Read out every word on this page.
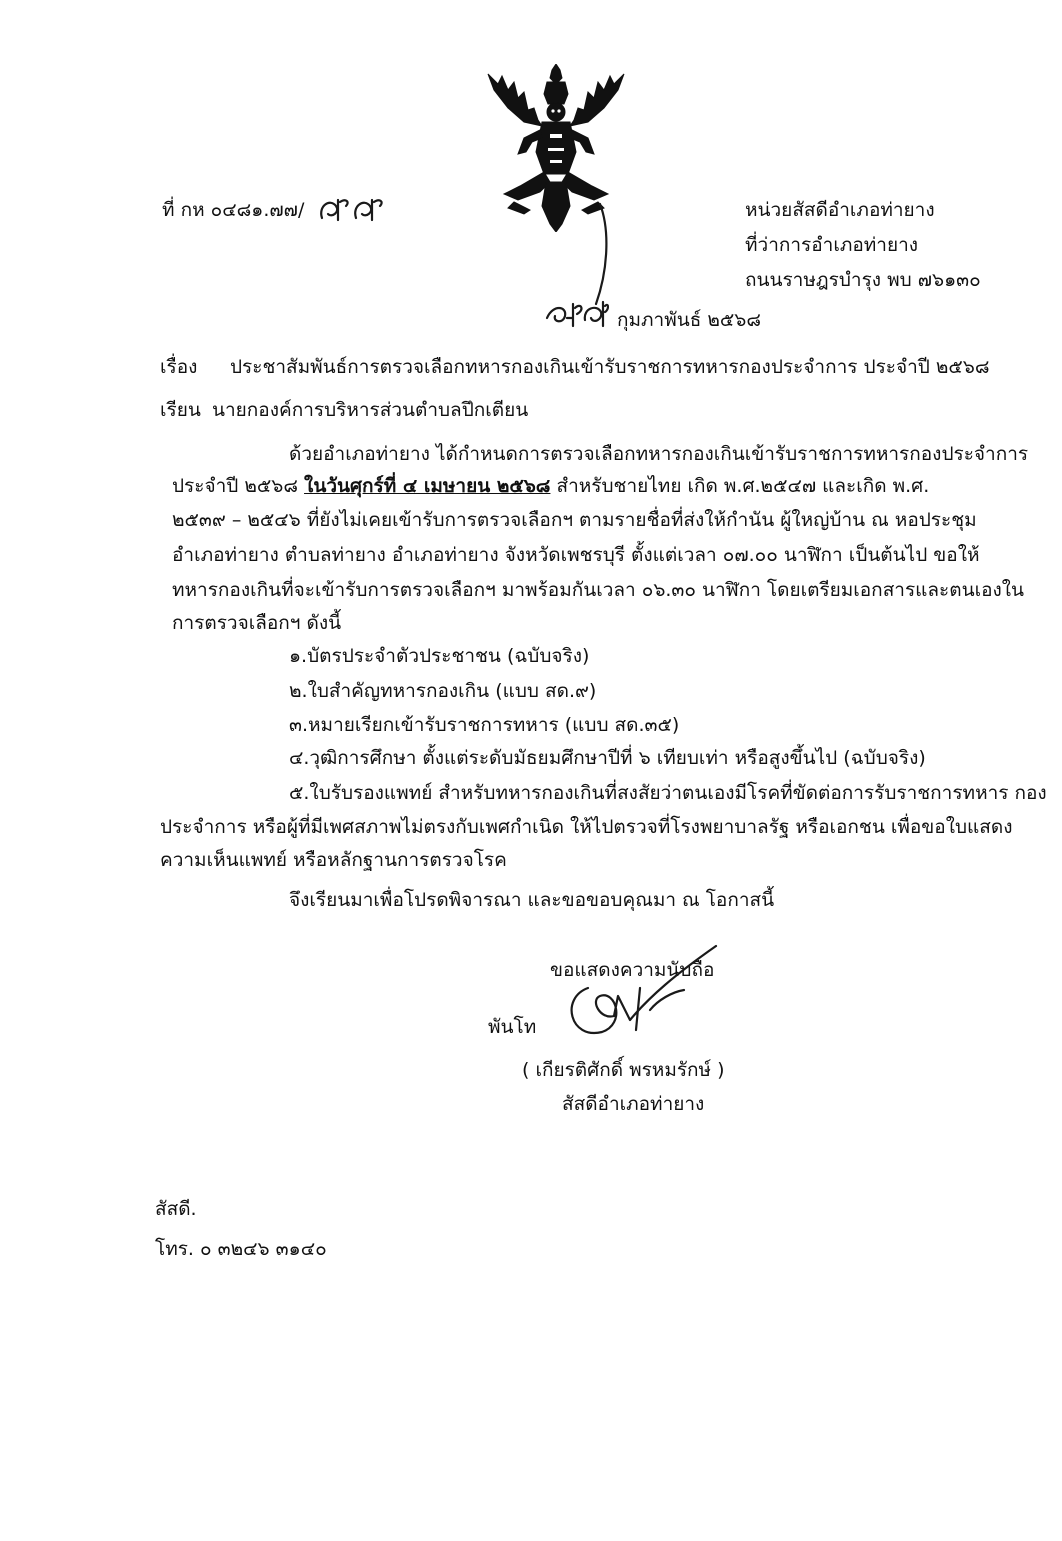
ที่ กห ๐๔๘๑.๗๗/	หน่วยสัสดีอำเภอท่ายาง
ที่ว่าการอำเภอท่ายาง
ถนนราษฎรบำรุง พบ ๗๖๑๓๐
กุมภาพันธ์ ๒๕๖๘
เรื่อง ประชาสัมพันธ์การตรวจเลือกทหารกองเกินเข้ารับราชการทหารกองประจำการ ประจำปี ๒๕๖๘
เรียน นายกองค์การบริหารส่วนตำบลปึกเตียน
ด้วยอำเภอท่ายาง ได้กำหนดการตรวจเลือกทหารกองเกินเข้ารับราชการทหารกองประจำการ
ประจำปี ๒๕๖๘ ในวันศุกร์ที่ ๔ เมษายน ๒๕๖๘ สำหรับชายไทย เกิด พ.ศ.๒๕๔๗ และเกิด พ.ศ.
๒๕๓๙ – ๒๕๔๖ ที่ยังไม่เคยเข้ารับการตรวจเลือกฯ ตามรายชื่อที่ส่งให้กำนัน ผู้ใหญ่บ้าน ณ หอประชุม
อำเภอท่ายาง ตำบลท่ายาง อำเภอท่ายาง จังหวัดเพชรบุรี ตั้งแต่เวลา ๐๗.๐๐ นาฬิกา เป็นต้นไป ขอให้
ทหารกองเกินที่จะเข้ารับการตรวจเลือกฯ มาพร้อมกันเวลา ๐๖.๓๐ นาฬิกา โดยเตรียมเอกสารและตนเองใน
การตรวจเลือกฯ ดังนี้
๑.บัตรประจำตัวประชาชน (ฉบับจริง)
๒.ใบสำคัญทหารกองเกิน (แบบ สด.๙)
๓.หมายเรียกเข้ารับราชการทหาร (แบบ สด.๓๕)
๔.วุฒิการศึกษา ตั้งแต่ระดับมัธยมศึกษาปีที่ ๖ เทียบเท่า หรือสูงขึ้นไป (ฉบับจริง)
๕.ใบรับรองแพทย์ สำหรับทหารกองเกินที่สงสัยว่าตนเองมีโรคที่ขัดต่อการรับราชการทหาร กอง
ประจำการ หรือผู้ที่มีเพศสภาพไม่ตรงกับเพศกำเนิด ให้ไปตรวจที่โรงพยาบาลรัฐ หรือเอกชน เพื่อขอใบแสดง
ความเห็นแพทย์ หรือหลักฐานการตรวจโรค
จึงเรียนมาเพื่อโปรดพิจารณา และขอขอบคุณมา ณ โอกาสนี้
ขอแสดงความนับถือ
พันโท
( เกียรติศักดิ์ พรหมรักษ์ )
สัสดีอำเภอท่ายาง
สัสดี.
โทร. ๐ ๓๒๔๖ ๓๑๔๐
